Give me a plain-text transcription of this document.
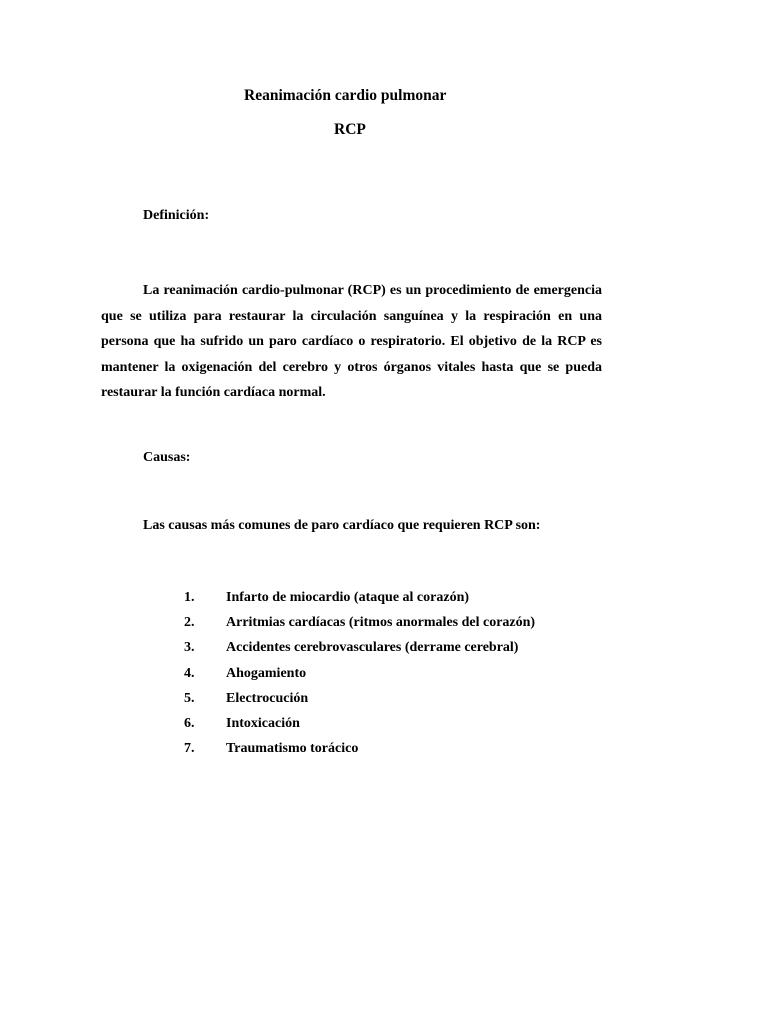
Reanimación cardio pulmonar
RCP
Definición:
La reanimación cardio-pulmonar (RCP) es un procedimiento de emergencia que se utiliza para restaurar la circulación sanguínea y la respiración en una persona que ha sufrido un paro cardíaco o respiratorio. El objetivo de la RCP es mantener la oxigenación del cerebro y otros órganos vitales hasta que se pueda restaurar la función cardíaca normal.
Causas:
Las causas más comunes de paro cardíaco que requieren RCP son:
1.	Infarto de miocardio (ataque al corazón)
2.	Arritmias cardíacas (ritmos anormales del corazón)
3.	Accidentes cerebrovasculares (derrame cerebral)
4.	Ahogamiento
5.	Electrocución
6.	Intoxicación
7.	Traumatismo torácico
